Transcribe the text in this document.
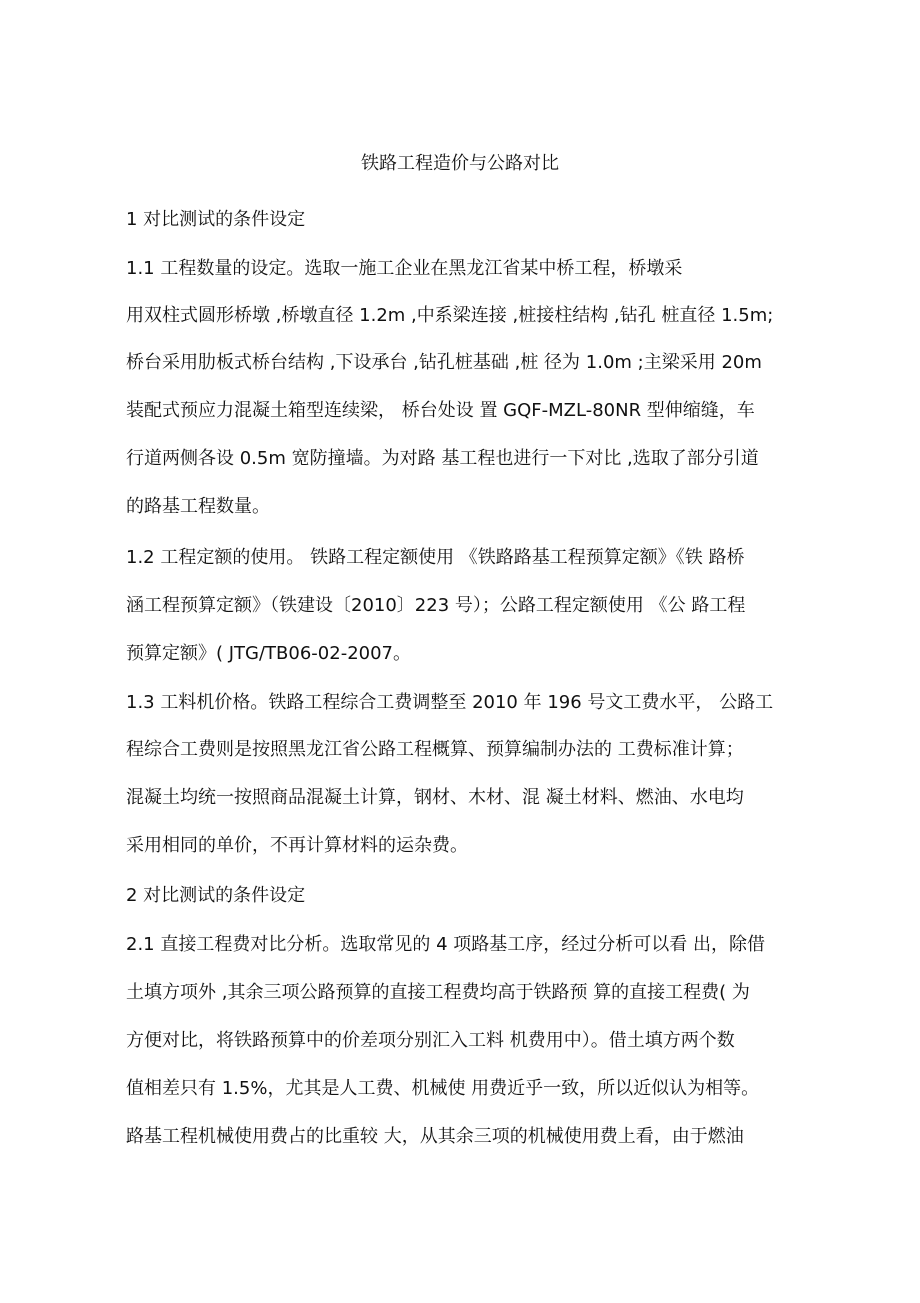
铁路工程造价与公路对比
1 对比测试的条件设定
1.1 工程数量的设定。选取一施工企业在黑龙江省某中桥工程，桥墩采
用双柱式圆形桥墩 ,桥墩直径 1.2m ,中系梁连接 ,桩接柱结构 ,钻孔 桩直径 1.5m;
桥台采用肋板式桥台结构 ,下设承台 ,钻孔桩基础 ,桩 径为 1.0m ;主梁采用 20m
装配式预应力混凝土箱型连续梁， 桥台处设 置 GQF-MZL-80NR 型伸缩缝，车
行道两侧各设 0.5m 宽防撞墙。为对路 基工程也进行一下对比 ,选取了部分引道
的路基工程数量。
1.2 工程定额的使用。 铁路工程定额使用 《铁路路基工程预算定额》《铁 路桥
涵工程预算定额》（铁建设〔2010〕223 号）；公路工程定额使用 《公 路工程
预算定额》( JTG/TB06-02-2007。
1.3 工料机价格。铁路工程综合工费调整至 2010 年 196 号文工费水平， 公路工
程综合工费则是按照黑龙江省公路工程概算、预算编制办法的 工费标准计算；
混凝土均统一按照商品混凝土计算，钢材、木材、混 凝土材料、燃油、水电均
采用相同的单价，不再计算材料的运杂费。
2 对比测试的条件设定
2.1 直接工程费对比分析。选取常见的 4 项路基工序，经过分析可以看 出，除借
土填方项外 ,其余三项公路预算的直接工程费均高于铁路预 算的直接工程费( 为
方便对比，将铁路预算中的价差项分别汇入工料 机费用中）。借土填方两个数
值相差只有 1.5%，尤其是人工费、机械使 用费近乎一致，所以近似认为相等。
路基工程机械使用费占的比重较 大，从其余三项的机械使用费上看，由于燃油
